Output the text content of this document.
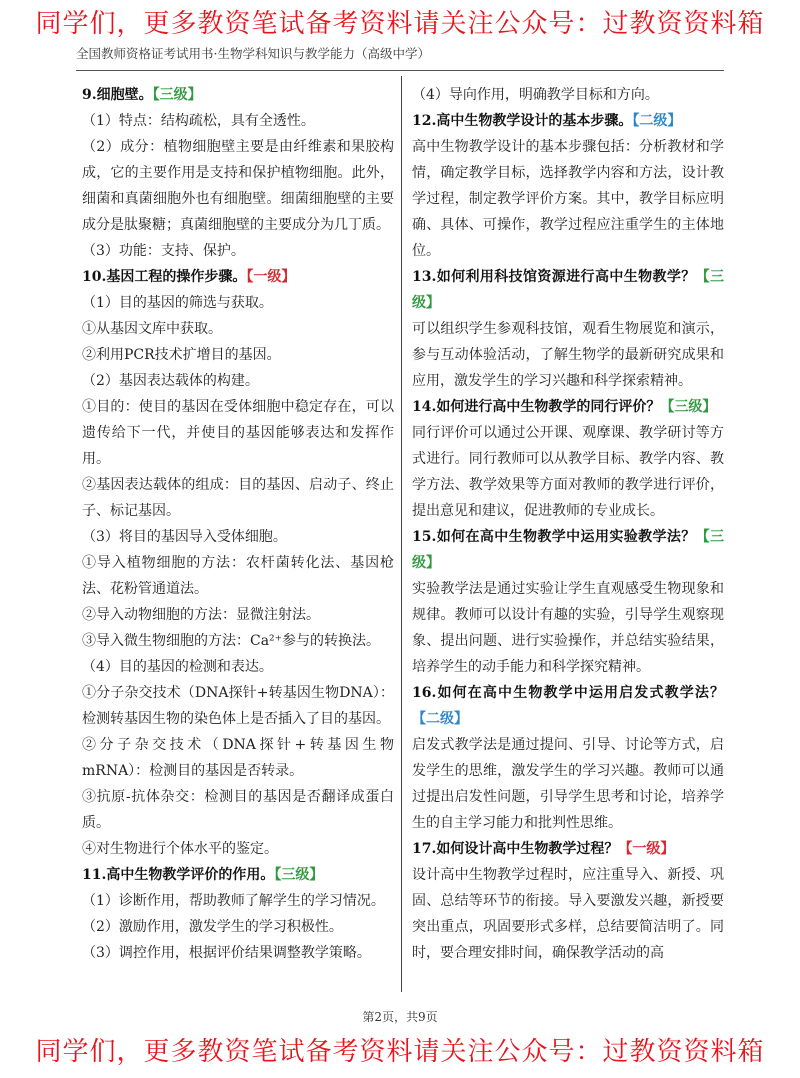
同学们，更多教资笔试备考资料请关注公众号：过教资资料箱
全国教师资格证考试用书·生物学科知识与教学能力（高级中学）

9.细胞壁。【三级】

（1）特点：结构疏松，具有全透性。

（2）成分：植物细胞壁主要是由纤维素和果胶构成，它的主要作用是支持和保护植物细胞。此外，细菌和真菌细胞外也有细胞壁。细菌细胞壁的主要成分是肽聚糖；真菌细胞壁的主要成分为几丁质。

（3）功能：支持、保护。

10.基因工程的操作步骤。【一级】

（1）目的基因的筛选与获取。

①从基因文库中获取。

②利用PCR技术扩增目的基因。

（2）基因表达载体的构建。

①目的：使目的基因在受体细胞中稳定存在，可以遗传给下一代，并使目的基因能够表达和发挥作用。

②基因表达载体的组成：目的基因、启动子、终止子、标记基因。

（3）将目的基因导入受体细胞。

①导入植物细胞的方法：农杆菌转化法、基因枪法、花粉管通道法。

②导入动物细胞的方法：显微注射法。

③导入微生物细胞的方法：Ca²⁺参与的转换法。

（4）目的基因的检测和表达。

①分子杂交技术（DNA探针+转基因生物DNA）：检测转基因生物的染色体上是否插入了目的基因。

②分子杂交技术（DNA探针+转基因生物mRNA）：检测目的基因是否转录。

③抗原-抗体杂交：检测目的基因是否翻译成蛋白质。

④对生物进行个体水平的鉴定。

11.高中生物教学评价的作用。【三级】

（1）诊断作用，帮助教师了解学生的学习情况。

（2）激励作用，激发学生的学习积极性。

（3）调控作用，根据评价结果调整教学策略。

（4）导向作用，明确教学目标和方向。

12.高中生物教学设计的基本步骤。【二级】

高中生物教学设计的基本步骤包括：分析教材和学情，确定教学目标，选择教学内容和方法，设计教学过程，制定教学评价方案。其中，教学目标应明确、具体、可操作，教学过程应注重学生的主体地位。

13.如何利用科技馆资源进行高中生物教学？【三级】

可以组织学生参观科技馆，观看生物展览和演示，参与互动体验活动，了解生物学的最新研究成果和应用，激发学生的学习兴趣和科学探索精神。

14.如何进行高中生物教学的同行评价？【三级】

同行评价可以通过公开课、观摩课、教学研讨等方式进行。同行教师可以从教学目标、教学内容、教学方法、教学效果等方面对教师的教学进行评价，提出意见和建议，促进教师的专业成长。

15.如何在高中生物教学中运用实验教学法？【三级】

实验教学法是通过实验让学生直观感受生物现象和规律。教师可以设计有趣的实验，引导学生观察现象、提出问题、进行实验操作，并总结实验结果，培养学生的动手能力和科学探究精神。

16.如何在高中生物教学中运用启发式教学法？【二级】

启发式教学法是通过提问、引导、讨论等方式，启发学生的思维，激发学生的学习兴趣。教师可以通过提出启发性问题，引导学生思考和讨论，培养学生的自主学习能力和批判性思维。

17.如何设计高中生物教学过程？【一级】

设计高中生物教学过程时，应注重导入、新授、巩固、总结等环节的衔接。导入要激发兴趣，新授要突出重点，巩固要形式多样，总结要简洁明了。同时，要合理安排时间，确保教学活动的高

第2页，共9页
同学们，更多教资笔试备考资料请关注公众号：过教资资料箱
